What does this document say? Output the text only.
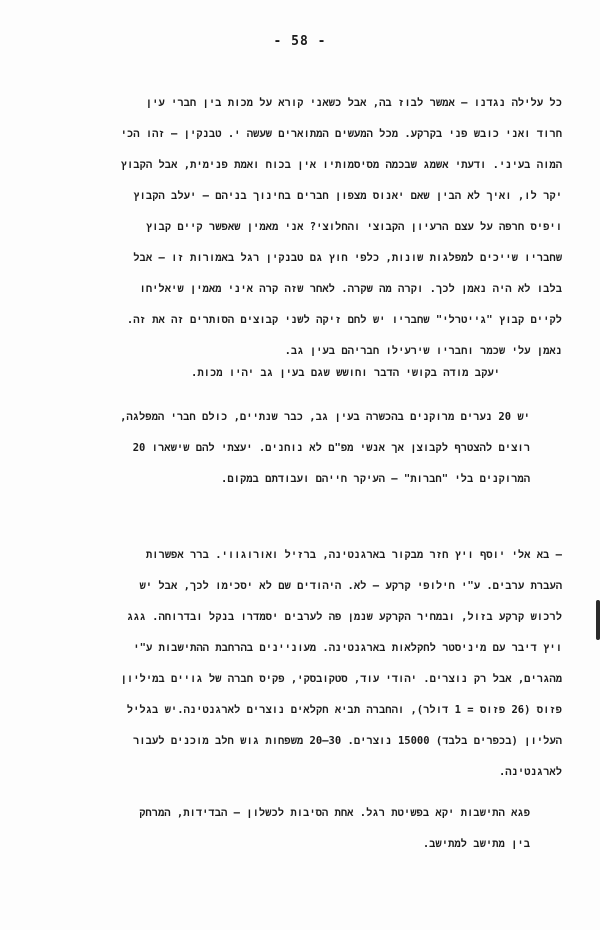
- 58 -
כל עלילה נגדנו – אמשר לבוז בה, אבל כשאני קורא על מכות בין חברי עין
חרוד ואני כובש פני בקרקע. מכל המעשים המתוארים שעשה י. טבנקין – זהו הכי
המוה בעיני. ודעתי אשמג שבכמה מסיסמותיו אין בכוח ואמת פנימית, אבל הקבוץ
יקר לו, ואיך לא הבין שאם יאנוס מצפון חברים בחינוך בניהם – יעלב הקבוץ
ויפיס חרפה על עצם הרעיון הקבוצי והחלוצי? אני מאמין שאפשר קיים קבוץ
שחבריו שייכים למפלגות שונות, כלפי חוץ גם טבנקין רגל באמורות זו – אבל
בלבו לא היה נאמן לכך. וקרה מה שקרה. לאחר שזה קרה איני מאמין שיאליחו
לקיים קבוץ "גייטרלי" שחבריו יש לחם זיקה לשני קבוצים הסותרים זה את זה.
נאמן עלי שכמר וחבריו שירעילו חבריהם בעין גב.
יעקב מודה בקושי הדבר וחושש שגם בעין גב יהיו מכות.
יש 20 נערים מרוקנים בהכשרה בעין גב, כבר שנתיים, כולם חברי המפלגה,
רוצים להצטרף לקבוצן אך אנשי מפ"ם לא נוחנים. יעצתי להם שישארו 20
המרוקנים בלי "חברות" – העיקר חייהם ועבודתם במקום.
– בא אלי יוסף ויץ חזר מבקור בארגנטינה, ברזיל ואורוגווי. ברר אפשרות
העברת ערבים. ע"י חילופי קרקע – לא. היהודים שם לא יסכימו לכך, אבל יש
לרכוש קרקע בזול, ובמחיר הקרקע שנמן פה לערבים יסמדרו בנקל ובדרוחה. גגג
ויץ דיבר עם מיניסטר לחקלאות בארגנטינה. מעוניינים בהרחבת ההתישבות ע"י
מהגרים, אבל רק נוצרים. יהודי עוד, סטקובסקי, פקיס חברה של גויים במיליון
פזוס (26 פזוס = 1 דולר), והחברה תביא חקלאים נוצרים לארגנטינה.יש בגליל
העליון (בכפרים בלבד) 15000 נוצרים. 30–20 משפחות גוש חלב מוכנים לעבור
לארגנטינה.
פגא התישבות יקא בפשיטת רגל. אחת הסיבות לכשלון – הבדידות, המרחק
בין מתישב למתישב.
